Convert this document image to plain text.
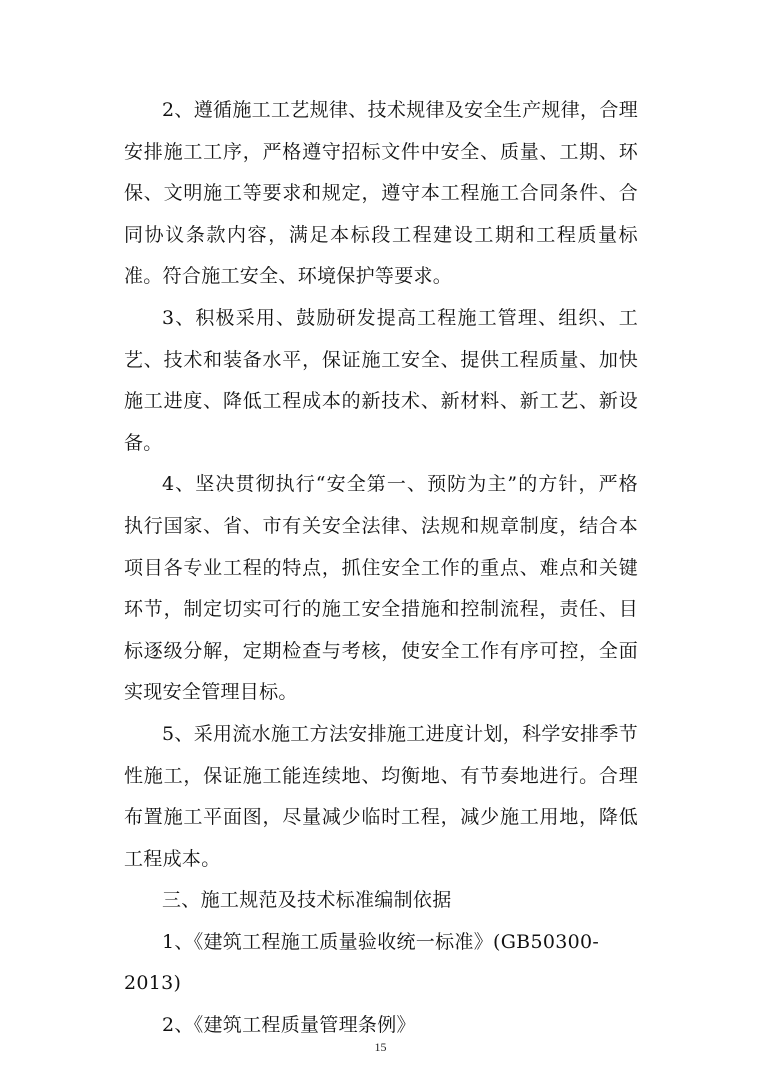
2、遵循施工工艺规律、技术规律及安全生产规律，合理安排施工工序，严格遵守招标文件中安全、质量、工期、环保、文明施工等要求和规定，遵守本工程施工合同条件、合同协议条款内容，满足本标段工程建设工期和工程质量标准。符合施工安全、环境保护等要求。

3、积极采用、鼓励研发提高工程施工管理、组织、工艺、技术和装备水平，保证施工安全、提供工程质量、加快施工进度、降低工程成本的新技术、新材料、新工艺、新设备。

4、坚决贯彻执行“安全第一、预防为主”的方针，严格执行国家、省、市有关安全法律、法规和规章制度，结合本项目各专业工程的特点，抓住安全工作的重点、难点和关键环节，制定切实可行的施工安全措施和控制流程，责任、目标逐级分解，定期检查与考核，使安全工作有序可控，全面实现安全管理目标。

5、采用流水施工方法安排施工进度计划，科学安排季节性施工，保证施工能连续地、均衡地、有节奏地进行。合理布置施工平面图，尽量减少临时工程，减少施工用地，降低工程成本。

三、施工规范及技术标准编制依据

1、《建筑工程施工质量验收统一标准》(GB50300-2013)

2、《建筑工程质量管理条例》

15
